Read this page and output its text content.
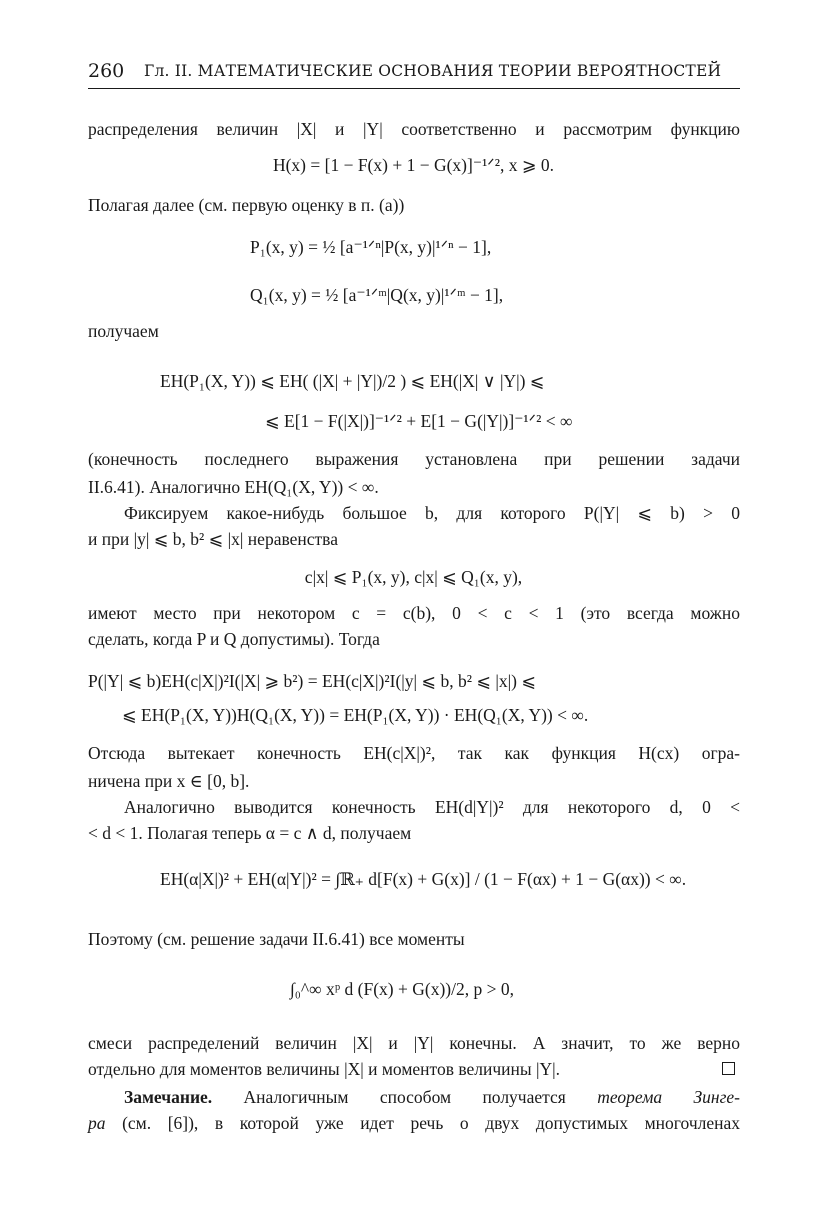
260 Гл. II. МАТЕМАТИЧЕСКИЕ ОСНОВАНИЯ ТЕОРИИ ВЕРОЯТНОСТЕЙ
распределения величин |X| и |Y| соответственно и рассмотрим функцию
H(x) = [1 − F(x) + 1 − G(x)]⁻¹ᐟ², x ⩾ 0.
Полагая далее (см. первую оценку в п. (а))
P₁(x, y) = ½ [a⁻¹ᐟⁿ|P(x, y)|¹ᐟⁿ − 1],
Q₁(x, y) = ½ [a⁻¹ᐟᵐ|Q(x, y)|¹ᐟᵐ − 1],
получаем
EH(P₁(X, Y)) ⩽ EH( (|X| + |Y|)/2 ) ⩽ EH(|X| ∨ |Y|) ⩽
⩽ E[1 − F(|X|)]⁻¹ᐟ² + E[1 − G(|Y|)]⁻¹ᐟ² < ∞
(конечность последнего выражения установлена при решении задачи
II.6.41). Аналогично EH(Q₁(X, Y)) < ∞.
Фиксируем какое-нибудь большое b, для которого P(|Y| ⩽ b) > 0
и при |y| ⩽ b, b² ⩽ |x| неравенства
c|x| ⩽ P₁(x, y), c|x| ⩽ Q₁(x, y),
имеют место при некотором c = c(b), 0 < c < 1 (это всегда можно
сделать, когда P и Q допустимы). Тогда
P(|Y| ⩽ b)EH(c|X|)²I(|X| ⩾ b²) = EH(c|X|)²I(|y| ⩽ b, b² ⩽ |x|) ⩽
⩽ EH(P₁(X, Y))H(Q₁(X, Y)) = EH(P₁(X, Y)) · EH(Q₁(X, Y)) < ∞.
Отсюда вытекает конечность EH(c|X|)², так как функция H(cx) огра-
ничена при x ∈ [0, b].
Аналогично выводится конечность EH(d|Y|)² для некоторого d, 0 <
< d < 1. Полагая теперь α = c ∧ d, получаем
EH(α|X|)² + EH(α|Y|)² = ∫ℝ₊ d[F(x) + G(x)] / (1 − F(αx) + 1 − G(αx)) < ∞.
Поэтому (см. решение задачи II.6.41) все моменты
∫₀^∞ xᵖ d (F(x) + G(x))/2, p > 0,
смеси распределений величин |X| и |Y| конечны. А значит, то же верно
отдельно для моментов величины |X| и моментов величины |Y|.
Замечание. Аналогичным способом получается теорема Зинге-
ра (см. [6]), в которой уже идет речь о двух допустимых многочленах
